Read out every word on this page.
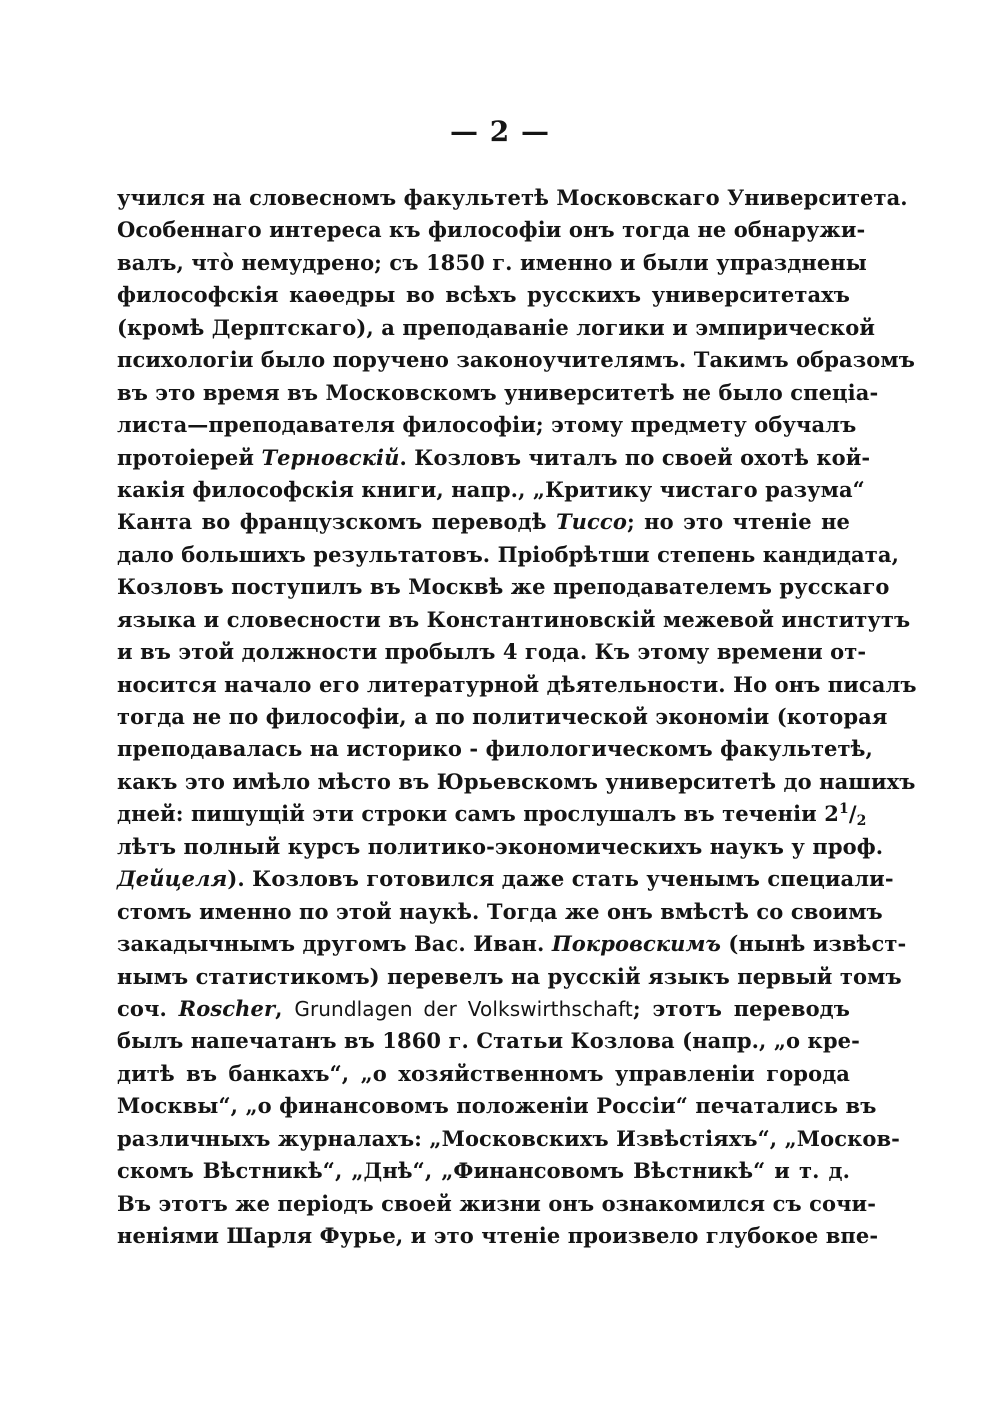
— 2 —
учился на словесномъ факультетѣ Московскаго Университета.
Особеннаго интереса къ философіи онъ тогда не обнаружи-
валъ, что̀ немудрено; съ 1850 г. именно и были упразднены
философскія каѳедры во всѣхъ русскихъ университетахъ
(кромѣ Дерптскаго), а преподаваніе логики и эмпирической
психологіи было поручено законоучителямъ. Такимъ образомъ
въ это время въ Московскомъ университетѣ не было спеціа-
листа—преподавателя философіи; этому предмету обучалъ
протоіерей Терновскій. Козловъ читалъ по своей охотѣ кой-
какія философскія книги, напр., „Критику чистаго разума“
Канта во французскомъ переводѣ Тиссо; но это чтеніе не
дало большихъ результатовъ. Пріобрѣтши степень кандидата,
Козловъ поступилъ въ Москвѣ же преподавателемъ русскаго
языка и словесности въ Константиновскій межевой институтъ
и въ этой должности пробылъ 4 года. Къ этому времени от-
носится начало его литературной дѣятельности. Но онъ писалъ
тогда не по философіи, а по политической экономіи (которая
преподавалась на историко - филологическомъ факультетѣ,
какъ это имѣло мѣсто въ Юрьевскомъ университетѣ до нашихъ
дней: пишущій эти строки самъ прослушалъ въ теченіи $2^1/_2$
лѣтъ полный курсъ политико-экономическихъ наукъ у проф.
Дейцеля). Козловъ готовился даже стать ученымъ специали-
стомъ именно по этой наукѣ. Тогда же онъ вмѣстѣ со своимъ
закадычнымъ другомъ Вас. Иван. Покровскимъ (нынѣ извѣст-
нымъ статистикомъ) перевелъ на русскій языкъ первый томъ
соч. Roscher, Grundlagen der Volkswirthschaft; этотъ переводъ
былъ напечатанъ въ 1860 г. Статьи Козлова (напр., „о кре-
дитѣ въ банкахъ“, „о хозяйственномъ управленіи города
Москвы“, „о финансовомъ положеніи Россіи“ печатались въ
различныхъ журналахъ: „Московскихъ Извѣстіяхъ“, „Москов-
скомъ Вѣстникѣ“, „Днѣ“, „Финансовомъ Вѣстникѣ“ и т. д.
Въ этотъ же періодъ своей жизни онъ ознакомился съ сочи-
неніями Шарля Фурье, и это чтеніе произвело глубокое впе-
